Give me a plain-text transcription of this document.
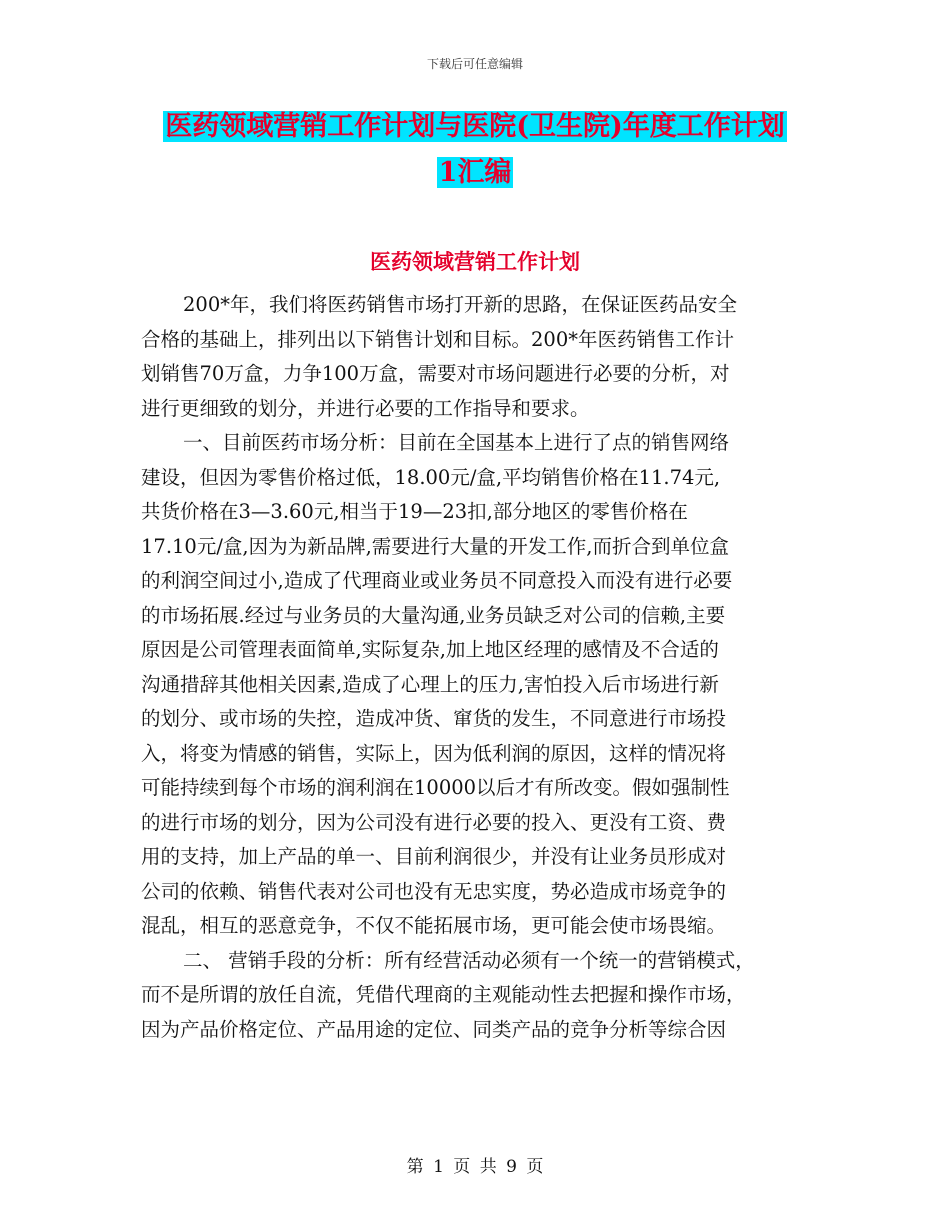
下载后可任意编辑
医药领域营销工作计划与医院(卫生院)年度工作计划
1汇编
医药领域营销工作计划

200*年，我们将医药销售市场打开新的思路，在保证医药品安全
合格的基础上，排列出以下销售计划和目标。200*年医药销售工作计
划销售70万盒，力争100万盒，需要对市场问题进行必要的分析，对
进行更细致的划分，并进行必要的工作指导和要求。

一、目前医药市场分析：目前在全国基本上进行了点的销售网络
建设，但因为零售价格过低，18.00元/盒,平均销售价格在11.74元,
共货价格在3—3.60元,相当于19—23扣,部分地区的零售价格在
17.10元/盒,因为为新品牌,需要进行大量的开发工作,而折合到单位盒
的利润空间过小,造成了代理商业或业务员不同意投入而没有进行必要
的市场拓展.经过与业务员的大量沟通,业务员缺乏对公司的信赖,主要
原因是公司管理表面简单,实际复杂,加上地区经理的感情及不合适的
沟通措辞其他相关因素,造成了心理上的压力,害怕投入后市场进行新
的划分、或市场的失控，造成冲货、窜货的发生，不同意进行市场投
入，将变为情感的销售，实际上，因为低利润的原因，这样的情况将
可能持续到每个市场的润利润在10000以后才有所改变。假如强制性
的进行市场的划分，因为公司没有进行必要的投入、更没有工资、费
用的支持，加上产品的单一、目前利润很少，并没有让业务员形成对
公司的依赖、销售代表对公司也没有无忠实度，势必造成市场竞争的
混乱，相互的恶意竞争，不仅不能拓展市场，更可能会使市场畏缩。

二、 营销手段的分析：所有经营活动必须有一个统一的营销模式，
而不是所谓的放任自流，凭借代理商的主观能动性去把握和操作市场，
因为产品价格定位、产品用途的定位、同类产品的竞争分析等综合因

第 1 页 共 9 页
